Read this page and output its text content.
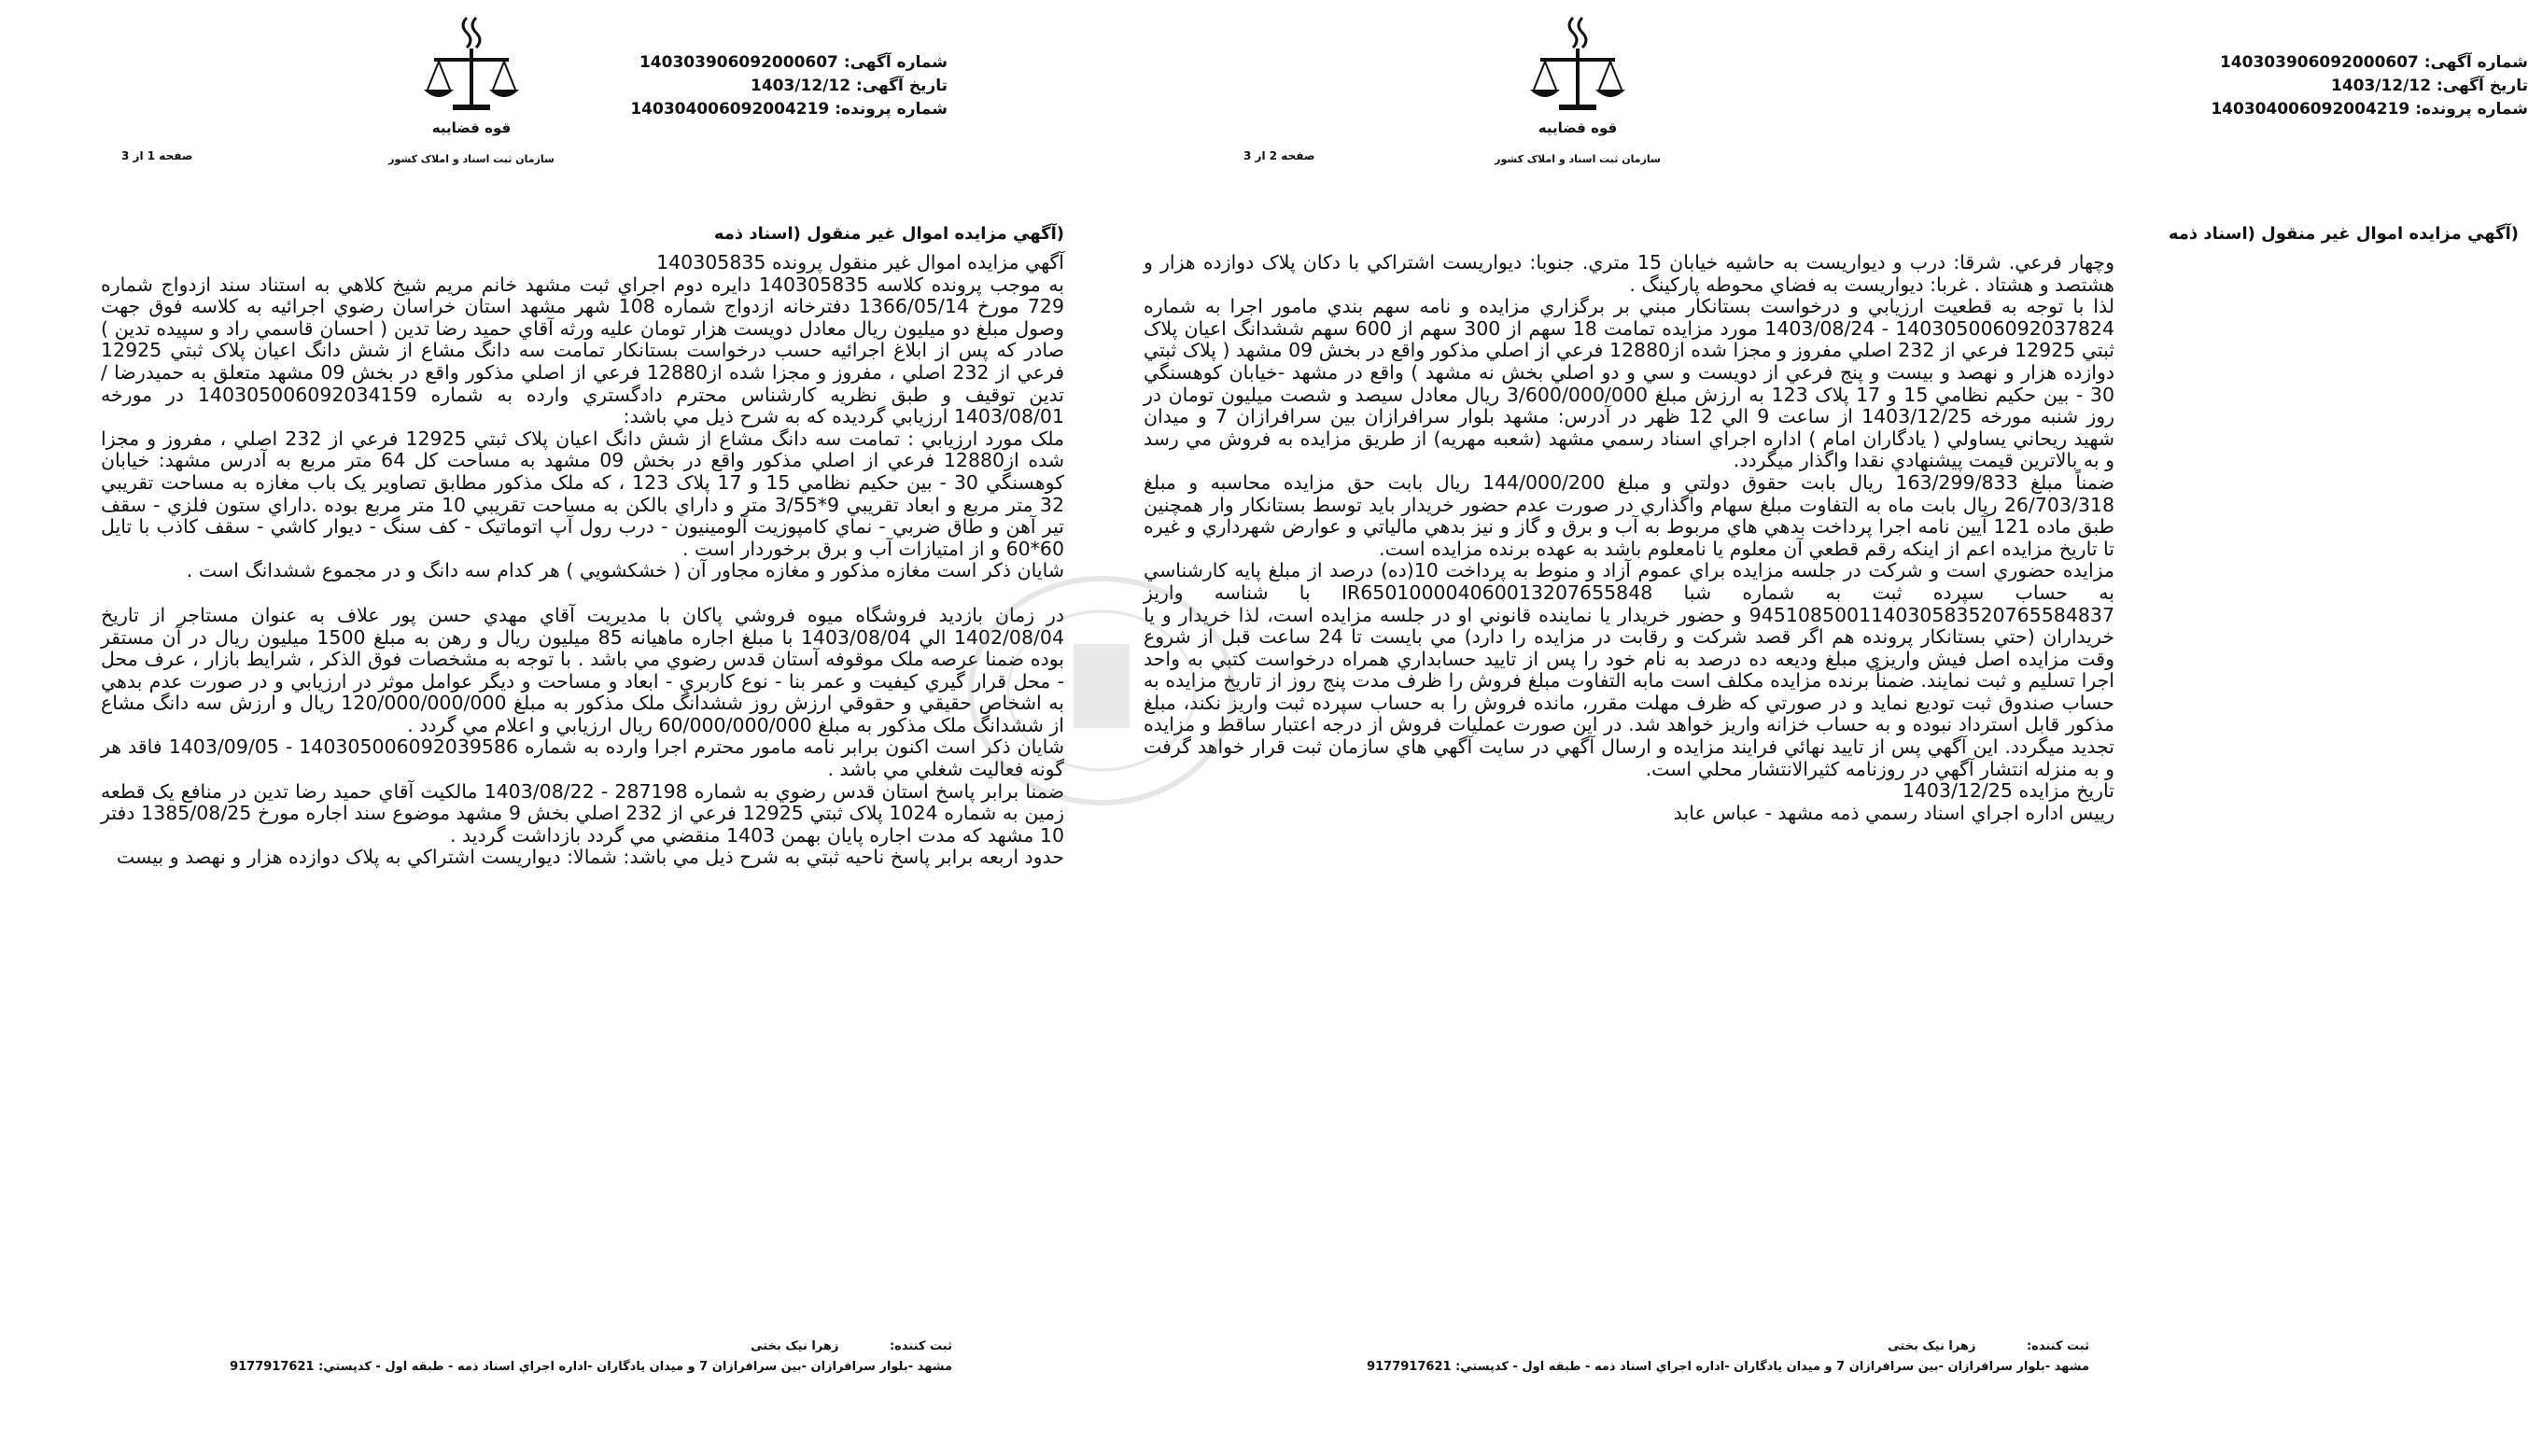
شماره آگهی: 140303906092000607
تاریخ آگهی: 1403/12/12
شماره پرونده: 140304006092004219
قوه قضاییه
سازمان ثبت اسناد و املاک کشور
صفحه 1 از 3
(آگهي مزايده اموال غير منقول (اسناد ذمه

آگهي مزايده اموال غير منقول پرونده 140305835

به موجب پرونده كلاسه 140305835 دايره دوم اجراي ثبت مشهد خانم مريم شيخ كلاهي به استناد سند ازدواج شماره 729 مورخ 1366/05/14 دفترخانه ازدواج شماره 108 شهر مشهد استان خراسان رضوي اجرائيه به كلاسه فوق جهت وصول مبلغ دو ميليون ريال معادل دويست هزار تومان عليه ورثه آقاي حميد رضا تدين ( احسان قاسمي راد و سپيده تدين ) صادر كه پس از ابلاغ اجرائيه حسب درخواست بستانكار تمامت سه دانگ مشاع از شش دانگ اعيان پلاک ثبتي 12925 فرعي از 232 اصلي ، مفروز و مجزا شده از12880 فرعي از اصلي مذكور واقع در بخش 09 مشهد متعلق به حميدرضا / تدين توقيف و طبق نظريه كارشناس محترم دادگستري وارده به شماره 140305006092034159 در مورخه 1403/08/01 ارزيابي گرديده كه به شرح ذيل مي باشد:

ملک مورد ارزيابي : تمامت سه دانگ مشاع از شش دانگ اعيان پلاک ثبتي 12925 فرعي از 232 اصلي ، مفروز و مجزا شده از12880 فرعي از اصلي مذكور واقع در بخش 09 مشهد به مساحت كل 64 متر مربع به آدرس مشهد: خيابان كوهسنگي 30 - بين حكيم نظامي 15 و 17 پلاک 123 ، كه ملک مذكور مطابق تصاوير يک باب مغازه به مساحت تقريبي 32 متر مربع و ابعاد تقريبي 9*3/55 متر و داراي بالكن به مساحت تقريبي 10 متر مربع بوده .داراي ستون فلزي - سقف تير آهن و طاق ضربي - نماي كامپوزيت آلومينيون - درب رول آپ اتوماتيک - كف سنگ - ديوار كاشي - سقف كاذب با تايل 60*60 و از امتيازات آب و برق برخوردار است .

شايان ذكر است مغازه مذكور و مغازه مجاور آن ( خشكشويي ) هر كدام سه دانگ و در مجموع ششدانگ است .

در زمان بازديد فروشگاه ميوه فروشي پاكان با مديريت آقاي مهدي حسن پور علاف به عنوان مستاجر از تاريخ 1402/08/04 الي 1403/08/04 با مبلغ اجاره ماهيانه 85 ميليون ريال و رهن به مبلغ 1500 ميليون ريال در آن مستقر بوده ضمنا عرصه ملک موقوفه آستان قدس رضوي مي باشد . با توجه به مشخصات فوق الذكر ، شرايط بازار ، عرف محل - محل قرار گيري كيفيت و عمر بنا - نوع كاربري - ابعاد و مساحت و ديگر عوامل موثر در ارزيابي و در صورت عدم بدهي به اشخاص حقيقي و حقوقي ارزش روز ششدانگ ملک مذكور به مبلغ 120/000/000/000 ريال و ارزش سه دانگ مشاع از ششدانگ ملک مذكور به مبلغ 60/000/000/000 ريال ارزيابي و اعلام مي گردد .

شايان ذكر است اكنون برابر نامه مامور محترم اجرا وارده به شماره 140305006092039586 - 1403/09/05 فاقد هر گونه فعاليت شغلي مي باشد .

ضمنا برابر پاسخ استان قدس رضوي به شماره 287198 - 1403/08/22 مالكيت آقاي حميد رضا تدين در منافع يک قطعه زمين به شماره 1024 پلاک ثبتي 12925 فرعي از 232 اصلي بخش 9 مشهد موضوع سند اجاره مورخ 1385/08/25 دفتر 10 مشهد كه مدت اجاره پايان بهمن 1403 منقضي مي گردد بازداشت گرديد .

حدود اربعه برابر پاسخ ناحيه ثبتي به شرح ذيل مي باشد: شمالا: ديواريست اشتراكي به پلاک دوازده هزار و نهصد و بيست

ثبت کننده: زهرا نیک بختی
مشهد -بلوار سرافرازان -بين سرافرازان 7 و ميدان يادگاران -اداره اجراي اسناد ذمه - طبقه اول - كدپستي: 9177917621
شماره آگهی: 140303906092000607
تاریخ آگهی: 1403/12/12
شماره پرونده: 140304006092004219
قوه قضاییه
سازمان ثبت اسناد و املاک کشور
صفحه 2 از 3
(آگهي مزايده اموال غير منقول (اسناد ذمه

وچهار فرعي. شرقا: درب و ديواريست به حاشيه خيابان 15 متري. جنوبا: ديواريست اشتراكي با دكان پلاک دوازده هزار و هشتصد و هشتاد . غربا: ديواريست به فضاي محوطه پاركينگ .

لذا با توجه به قطعيت ارزيابي و درخواست بستانكار مبني بر برگزاري مزايده و نامه سهم بندي مامور اجرا به شماره 140305006092037824 - 1403/08/24 مورد مزايده تمامت 18 سهم از 300 سهم از 600 سهم ششدانگ اعيان پلاک ثبتي 12925 فرعي از 232 اصلي مفروز و مجزا شده از12880 فرعي از اصلي مذكور واقع در بخش 09 مشهد ( پلاک ثبتي دوازده هزار و نهصد و بيست و پنج فرعي از دويست و سي و دو اصلي بخش نه مشهد ) واقع در مشهد -خيابان كوهسنگي 30 - بين حكيم نظامي 15 و 17 پلاک 123 به ارزش مبلغ 3/600/000/000 ريال معادل سيصد و شصت ميليون تومان در روز شنبه مورخه 1403/12/25 از ساعت 9 الي 12 ظهر در آدرس: مشهد بلوار سرافرازان بين سرافرازان 7 و ميدان شهيد ريحاني يساولي ( يادگاران امام ) اداره اجراي اسناد رسمي مشهد (شعبه مهريه) از طريق مزايده به فروش مي رسد و به بالاترين قيمت پيشنهادي نقدا واگذار ميگردد.

ضمناً مبلغ 163/299/833 ريال بابت حقوق دولتي و مبلغ 144/000/200 ريال بابت حق مزايده محاسبه و مبلغ 26/703/318 ريال بابت ماه به التفاوت مبلغ سهام واگذاري در صورت عدم حضور خريدار بايد توسط بستانكار وار همچنين طبق ماده 121 آيين نامه اجرا پرداخت بدهي هاي مربوط به آب و برق و گاز و نيز بدهي مالياتي و عوارض شهرداري و غيره تا تاريخ مزايده اعم از اينكه رقم قطعي آن معلوم يا نامعلوم باشد به عهده برنده مزايده است.

مزايده حضوري است و شركت در جلسه مزايده براي عموم آزاد و منوط به پرداخت 10(ده) درصد از مبلغ پايه كارشناسي به حساب سپرده ثبت به شماره شبا IR650100004060013207655848 با شناسه واريز 945108500114030583520765584837 و حضور خريدار يا نماينده قانوني او در جلسه مزايده است، لذا خريدار و يا خريداران (حتي بستانكار پرونده هم اگر قصد شركت و رقابت در مزايده را دارد) مي بايست تا 24 ساعت قبل از شروع وقت مزايده اصل فيش واريزي مبلغ وديعه ده درصد به نام خود را پس از تاييد حسابداري همراه درخواست كتبي به واحد اجرا تسليم و ثبت نمايند. ضمناً برنده مزايده مكلف است مابه التفاوت مبلغ فروش را ظرف مدت پنج روز از تاريخ مزايده به حساب صندوق ثبت توديع نمايد و در صورتي كه ظرف مهلت مقرر، مانده فروش را به حساب سپرده ثبت واريز نكند، مبلغ مذكور قابل استرداد نبوده و به حساب خزانه واريز خواهد شد. در اين صورت عمليات فروش از درجه اعتبار ساقط و مزايده تجديد ميگردد. اين آگهي پس از تاييد نهائي فرايند مزايده و ارسال آگهي در سايت آگهي هاي سازمان ثبت قرار خواهد گرفت و به منزله انتشار آگهي در روزنامه كثيرالانتشار محلي است.

تاريخ مزايده 1403/12/25

رييس اداره اجراي اسناد رسمي ذمه مشهد - عباس عابد

ثبت کننده: زهرا نیک بختی
مشهد -بلوار سرافرازان -بين سرافرازان 7 و ميدان يادگاران -اداره اجراي اسناد ذمه - طبقه اول - كدپستي: 9177917621
